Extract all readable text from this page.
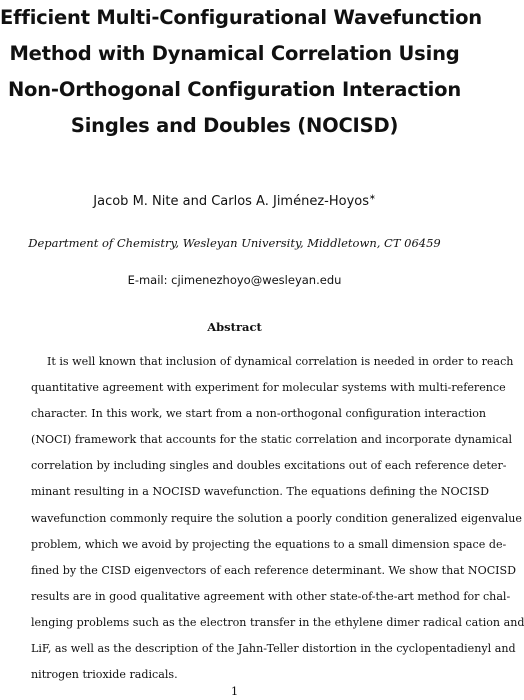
Efficient Multi-Configurational Wavefunction
Method with Dynamical Correlation Using
Non-Orthogonal Configuration Interaction
Singles and Doubles (NOCISD)
Jacob M. Nite and Carlos A. Jiménez-Hoyos∗
Department of Chemistry, Wesleyan University, Middletown, CT 06459
E-mail: cjimenezhoyo@wesleyan.edu
Abstract
It is well known that inclusion of dynamical correlation is needed in order to reach
quantitative agreement with experiment for molecular systems with multi-reference
character. In this work, we start from a non-orthogonal configuration interaction
(NOCI) framework that accounts for the static correlation and incorporate dynamical
correlation by including singles and doubles excitations out of each reference deter-
minant resulting in a NOCISD wavefunction. The equations defining the NOCISD
wavefunction commonly require the solution a poorly condition generalized eigenvalue
problem, which we avoid by projecting the equations to a small dimension space de-
fined by the CISD eigenvectors of each reference determinant. We show that NOCISD
results are in good qualitative agreement with other state-of-the-art method for chal-
lenging problems such as the electron transfer in the ethylene dimer radical cation and
LiF, as well as the description of the Jahn-Teller distortion in the cyclopentadienyl and
nitrogen trioxide radicals.
1
